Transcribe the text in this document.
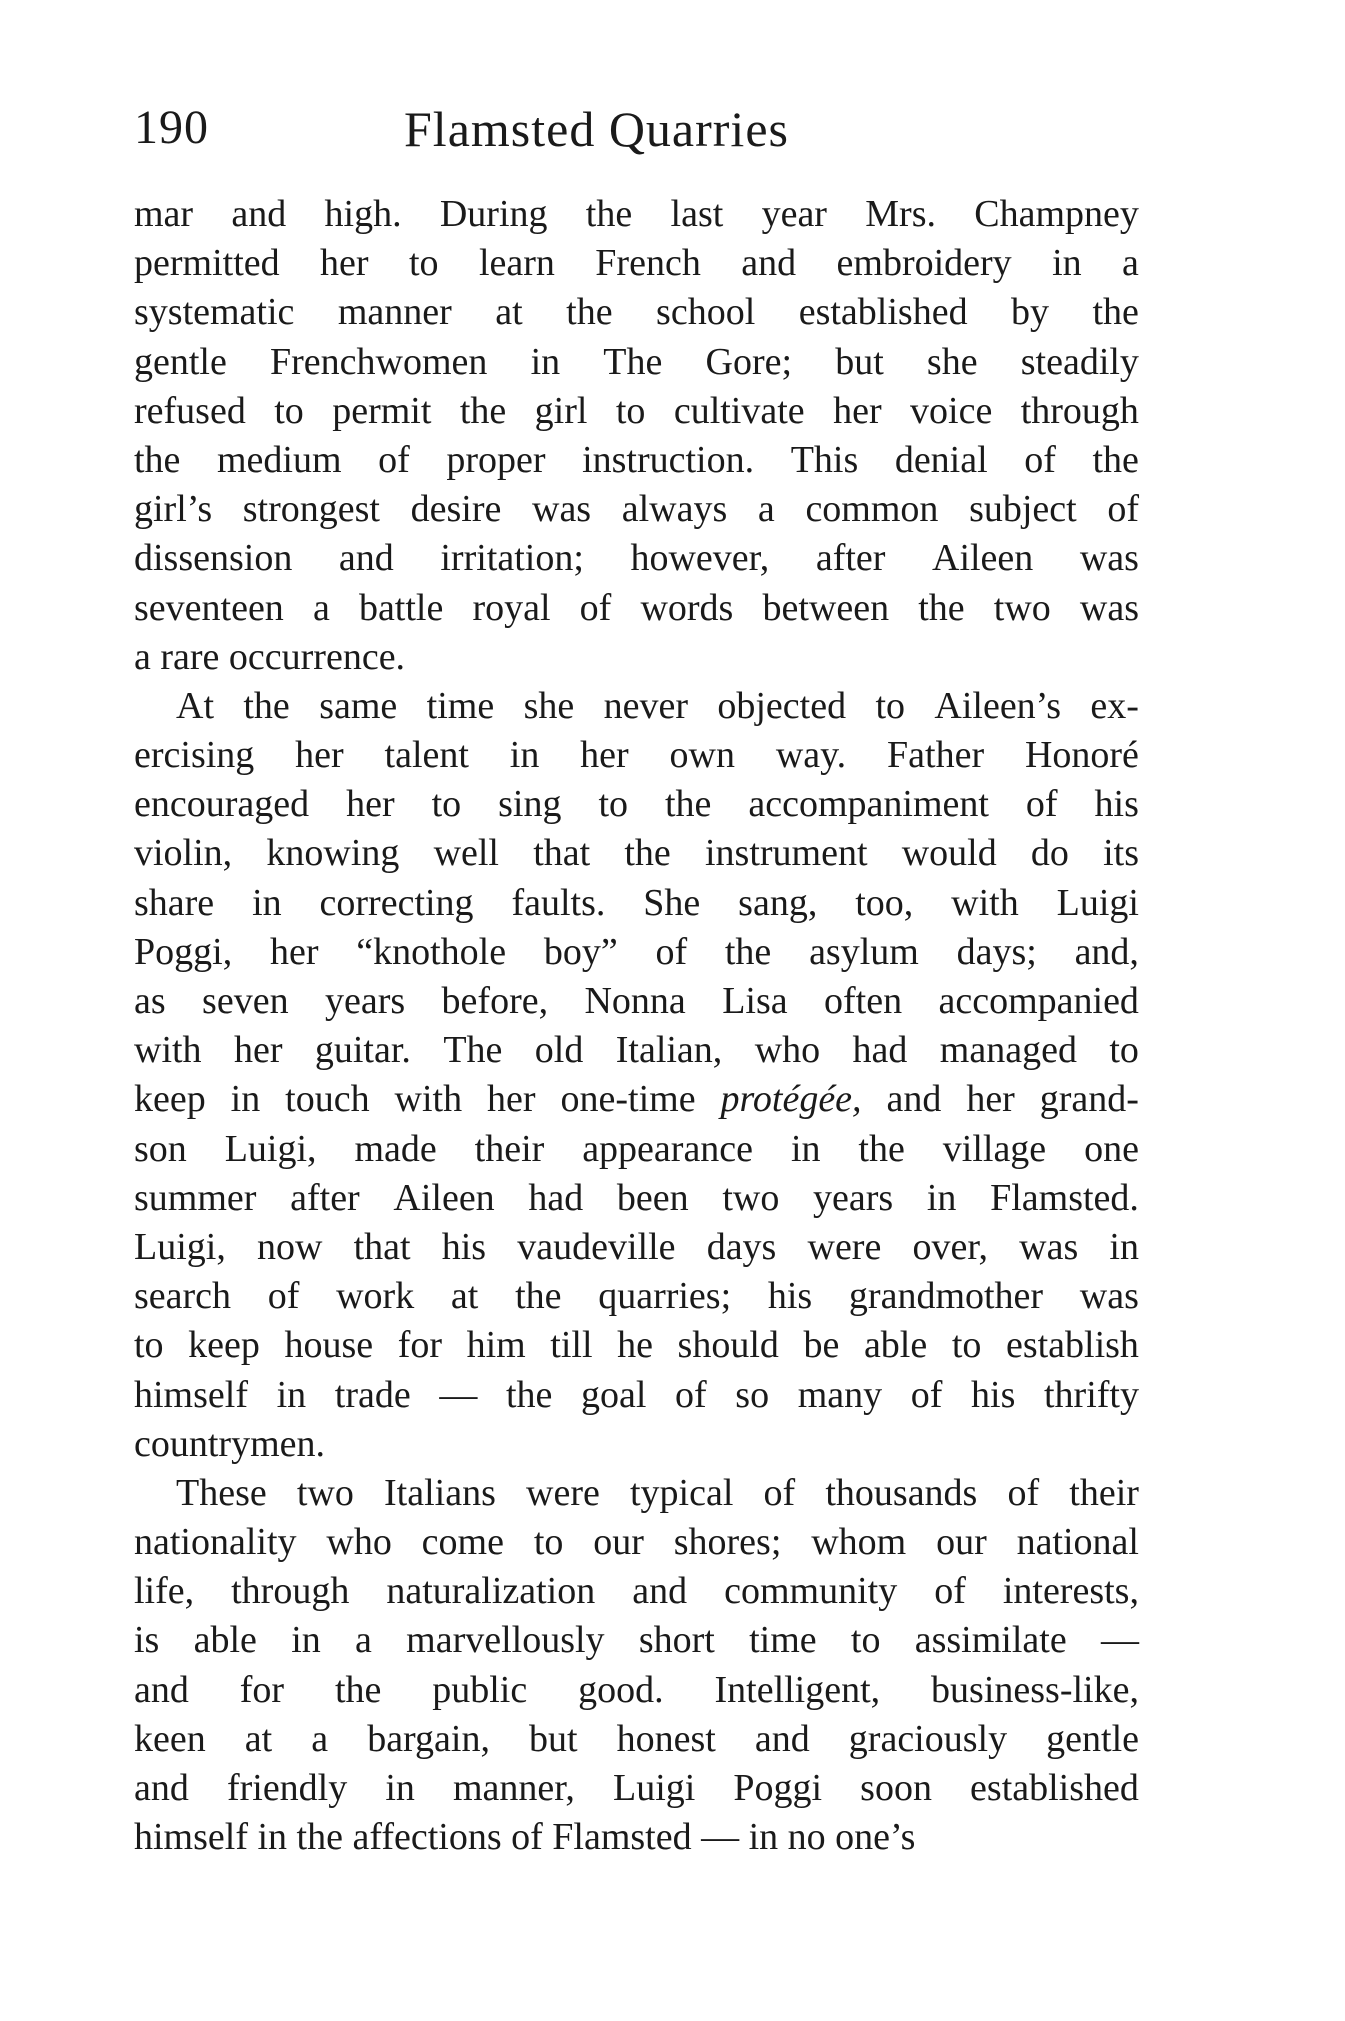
190	Flamsted Quarries
mar and high. During the last year Mrs. Champney
permitted her to learn French and embroidery in a
systematic manner at the school established by the
gentle Frenchwomen in The Gore; but she steadily
refused to permit the girl to cultivate her voice through
the medium of proper instruction. This denial of the
girl’s strongest desire was always a common subject of
dissension and irritation; however, after Aileen was
seventeen a battle royal of words between the two was
a
rare
occurrence.
At the same time she never objected to Aileen’s ex-
ercising her talent in her own way. Father Honoré
encouraged her to sing to the accompaniment of his
violin, knowing well that the instrument would do its
share in correcting faults. She sang, too, with Luigi
Poggi, her “knothole boy” of the asylum days; and,
as seven years before, Nonna Lisa often accompanied
with her guitar. The old Italian, who had managed to
keep in touch with her one-time protégée, and her grand-
son Luigi, made their appearance in the village one
summer after Aileen had been two years in Flamsted.
Luigi, now that his vaudeville days were over, was in
search of work at the quarries; his grandmother was
to keep house for him till he should be able to establish
himself in trade — the goal of so many of his thrifty
countrymen.
These two Italians were typical of thousands of their
nationality who come to our shores; whom our national
life, through naturalization and community of interests,
is able in a marvellously short time to assimilate —
and for the public good. Intelligent, business-like,
keen at a bargain, but honest and graciously gentle
and friendly in manner, Luigi Poggi soon established
himself
in
the
affections
of
Flamsted
—
in
no
one’s
